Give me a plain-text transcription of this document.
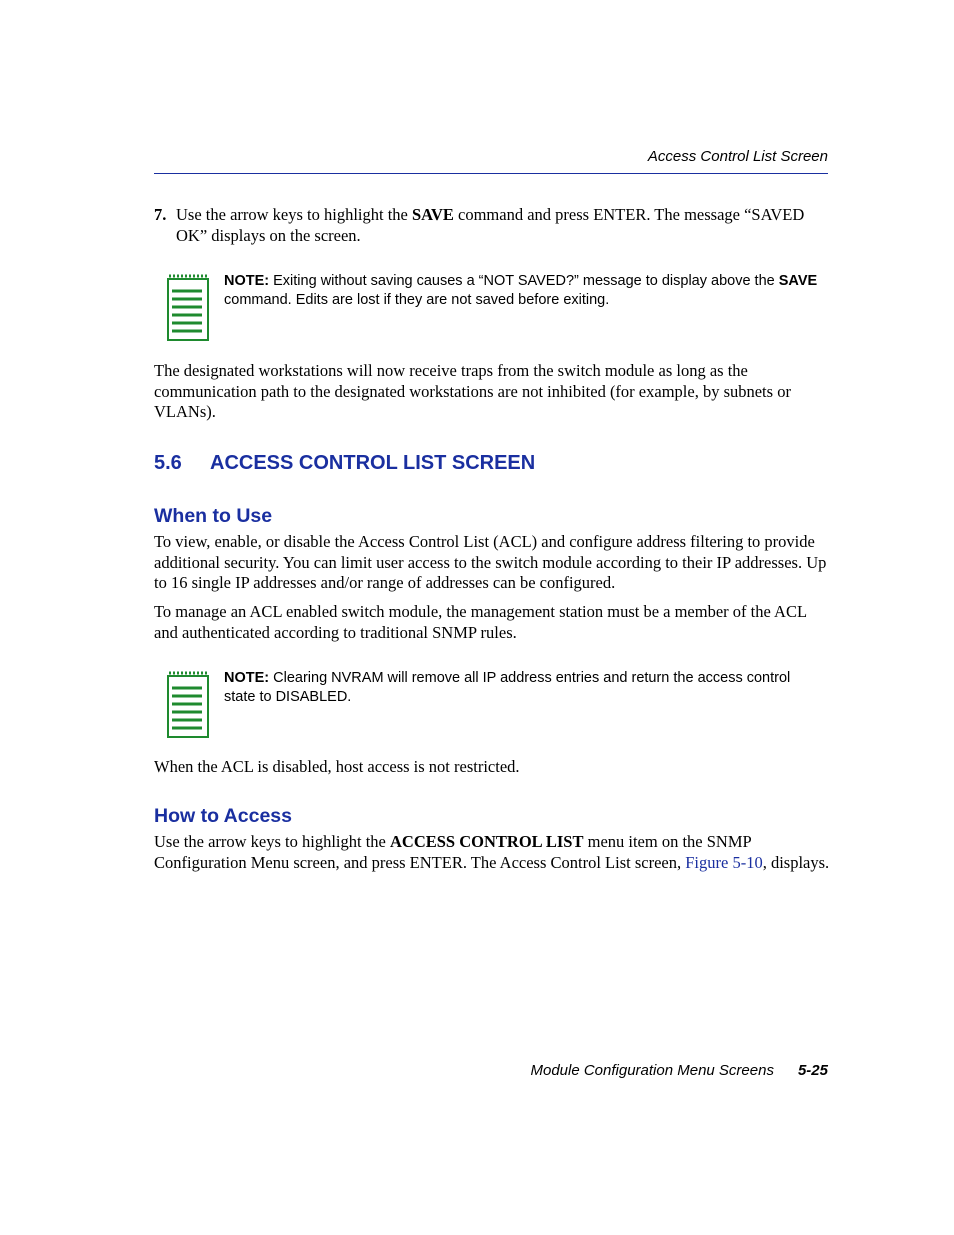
Access Control List Screen
7. Use the arrow keys to highlight the SAVE command and press ENTER. The message “SAVED OK” displays on the screen.
NOTE: Exiting without saving causes a “NOT SAVED?” message to display above the SAVE command. Edits are lost if they are not saved before exiting.
The designated workstations will now receive traps from the switch module as long as the communication path to the designated workstations are not inhibited (for example, by subnets or VLANs).
5.6 ACCESS CONTROL LIST SCREEN
When to Use
To view, enable, or disable the Access Control List (ACL) and configure address filtering to provide additional security. You can limit user access to the switch module according to their IP addresses. Up to 16 single IP addresses and/or range of addresses can be configured.
To manage an ACL enabled switch module, the management station must be a member of the ACL and authenticated according to traditional SNMP rules.
NOTE: Clearing NVRAM will remove all IP address entries and return the access control state to DISABLED.
When the ACL is disabled, host access is not restricted.
How to Access
Use the arrow keys to highlight the ACCESS CONTROL LIST menu item on the SNMP Configuration Menu screen, and press ENTER. The Access Control List screen, Figure 5-10, displays.
Module Configuration Menu Screens 5-25
